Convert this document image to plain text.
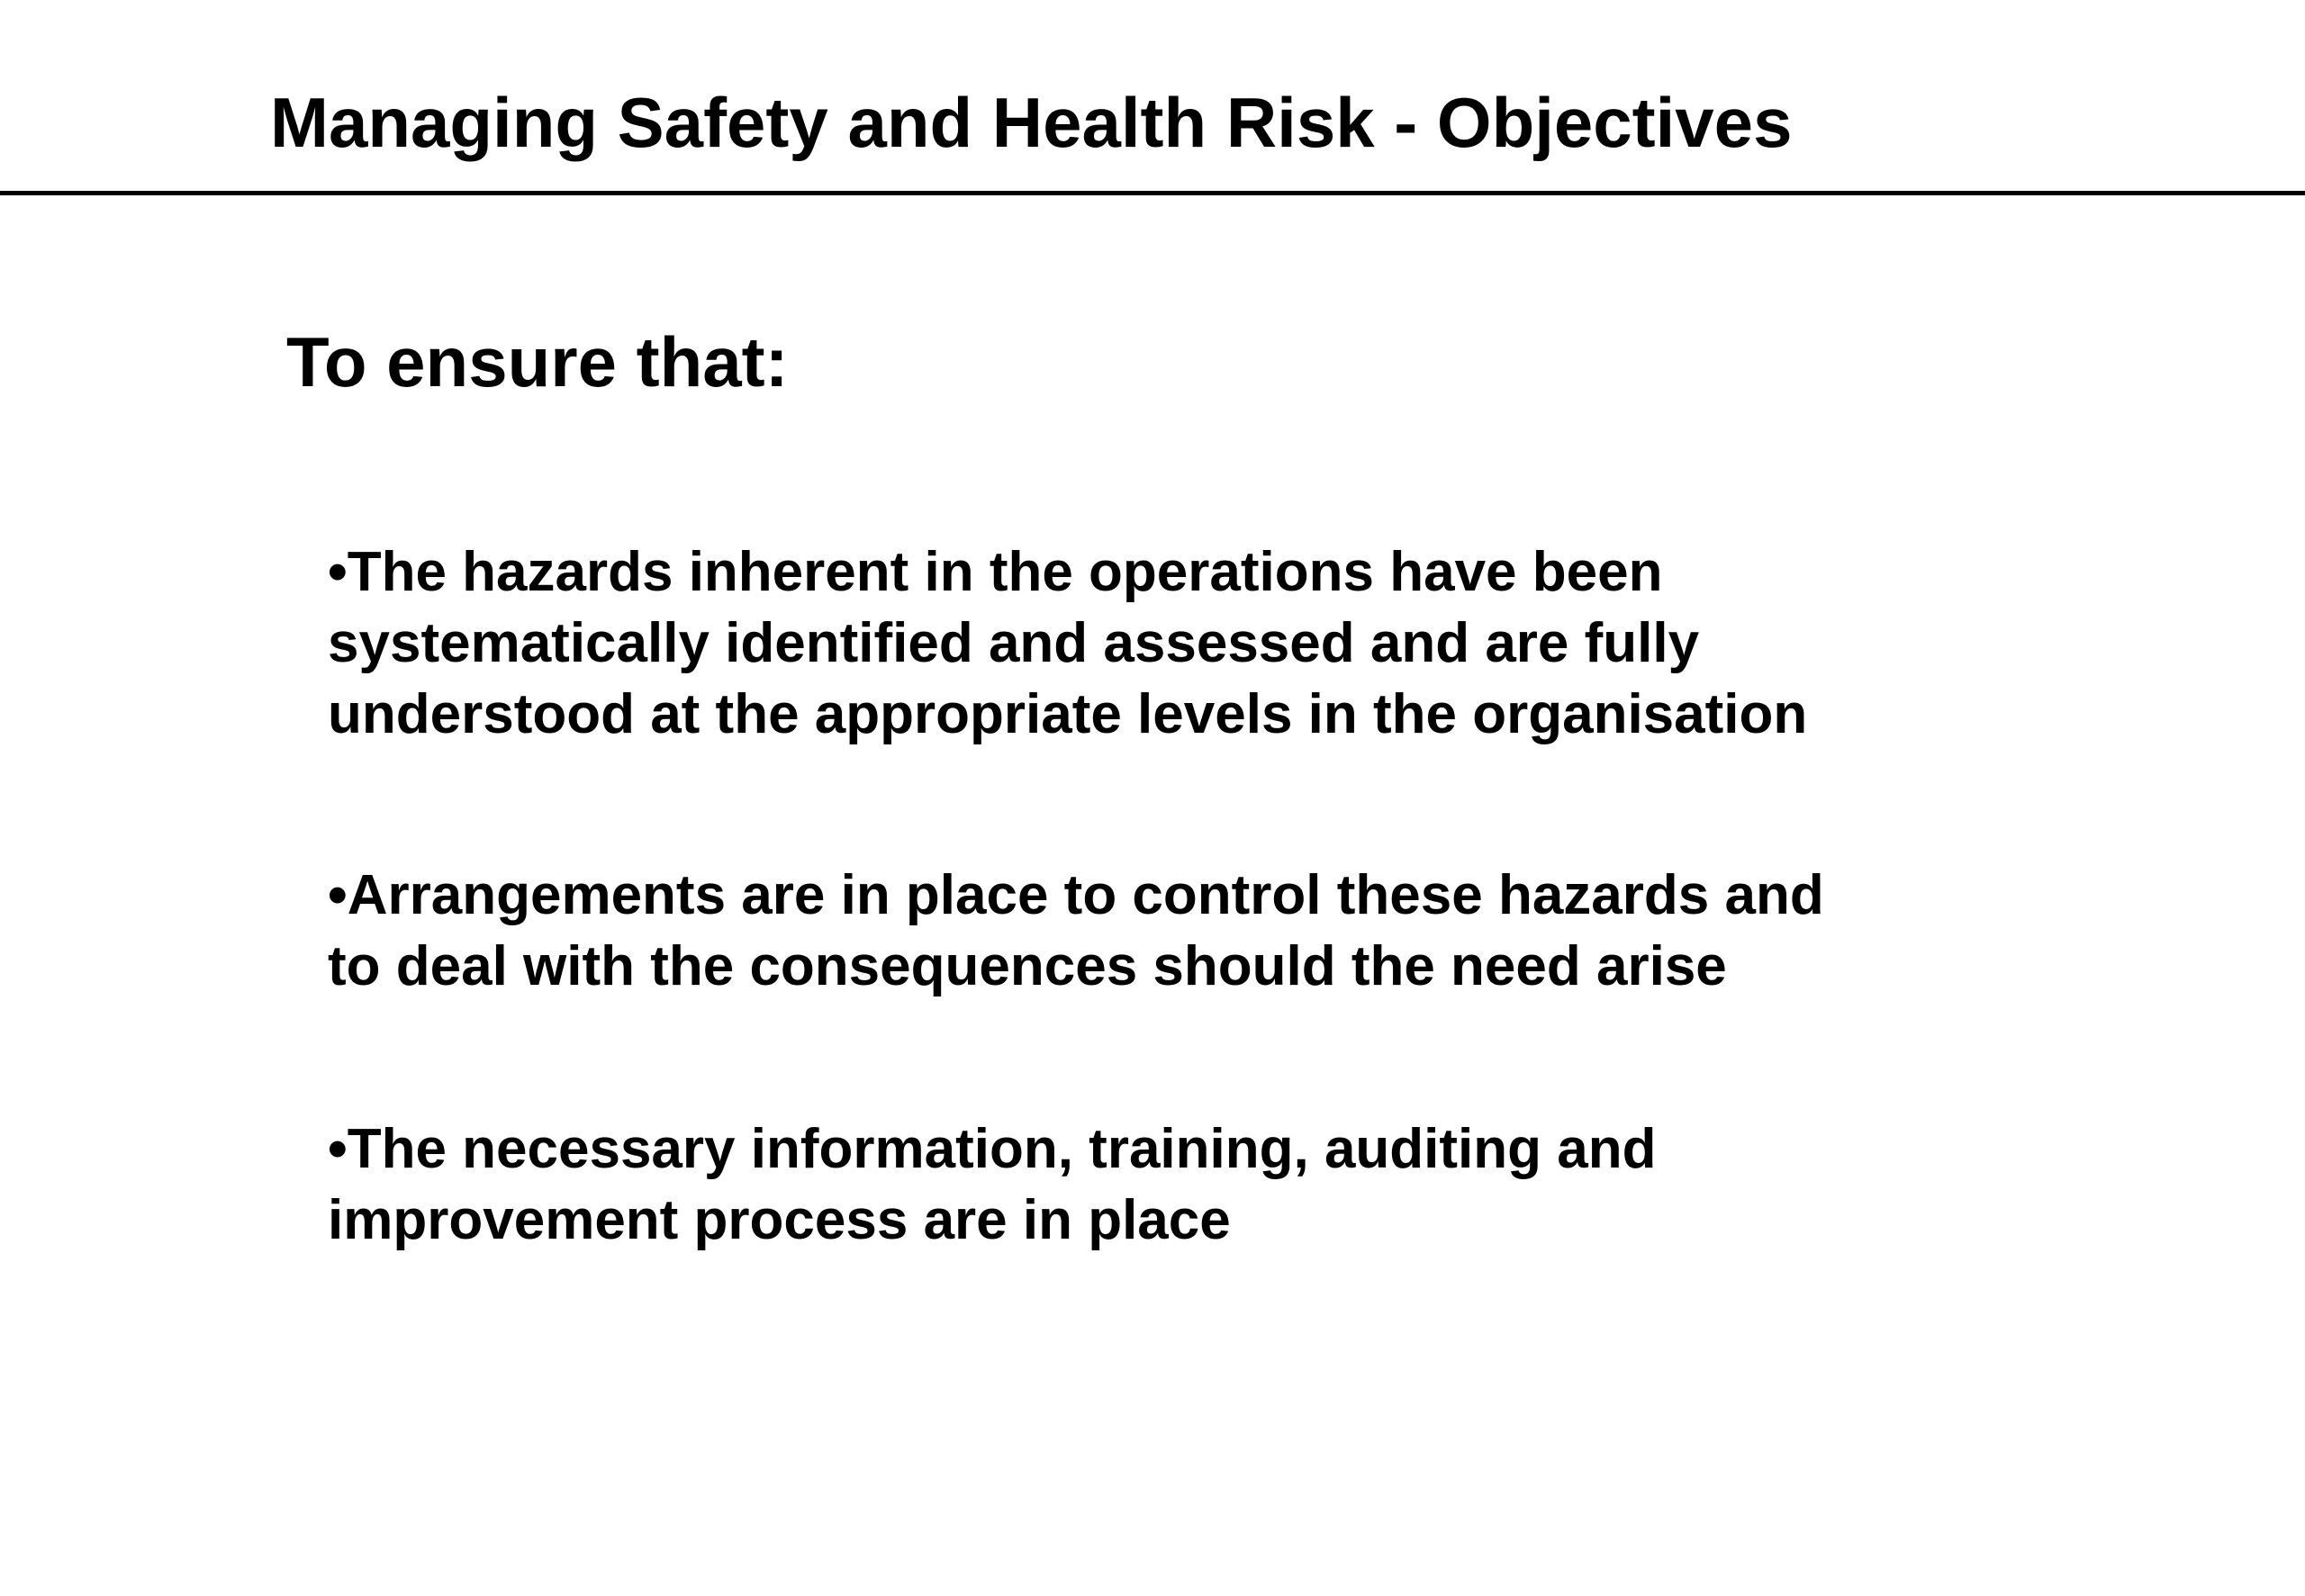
Managing Safety and Health Risk - Objectives
To ensure that:
•The hazards inherent in the operations have been
systematically identified and assessed and are fully
understood at the appropriate levels in the organisation
•Arrangements are in place to control these hazards and
to deal with the consequences should the need arise
•The necessary information, training, auditing and
improvement process are in place
